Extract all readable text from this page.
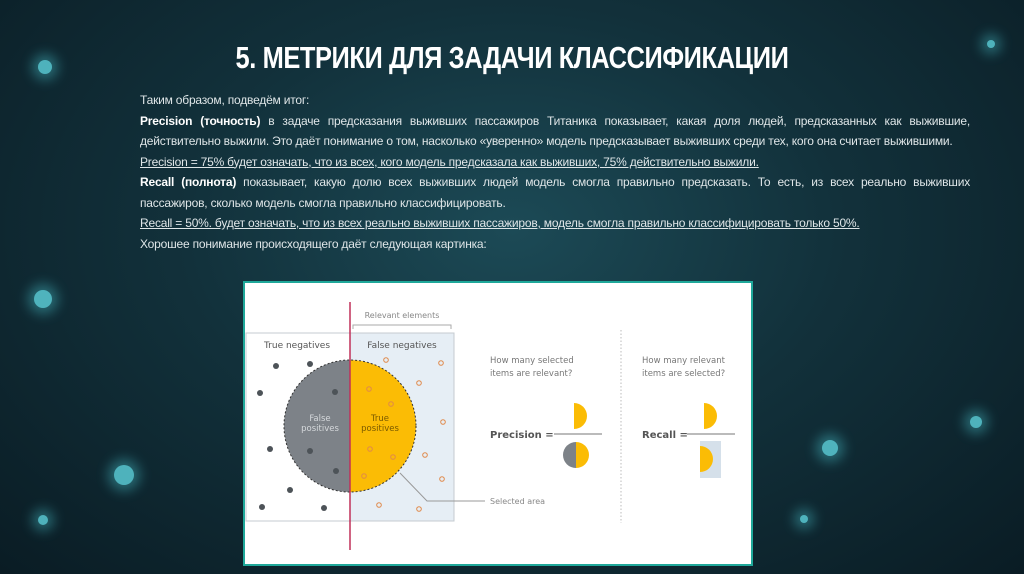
5. МЕТРИКИ ДЛЯ ЗАДАЧИ КЛАССИФИКАЦИИ

Таким образом, подведём итог:

Precision (точность) в задаче предсказания выживших пассажиров Титаника показывает, какая доля людей, предсказанных как выжившие, действительно выжили. Это даёт понимание о том, насколько «уверенно» модель предсказывает выживших среди тех, кого она считает выжившими.

Precision = 75% будет означать, что из всех, кого модель предсказала как выживших, 75% действительно выжили.

Recall (полнота) показывает, какую долю всех выживших людей модель смогла правильно предсказать. То есть, из всех реально выживших пассажиров, сколько модель смогла правильно классифицировать.

Recall = 50%. будет означать, что из всех реально выживших пассажиров, модель смогла правильно классифицировать только 50%.

Хорошее понимание происходящего даёт следующая картинка:

Relevant elements
True negatives	False negatives
False
positives
True
positives
Selected area
How many selected
items are relevant?
Precision =
How many relevant
items are selected?
Recall =
